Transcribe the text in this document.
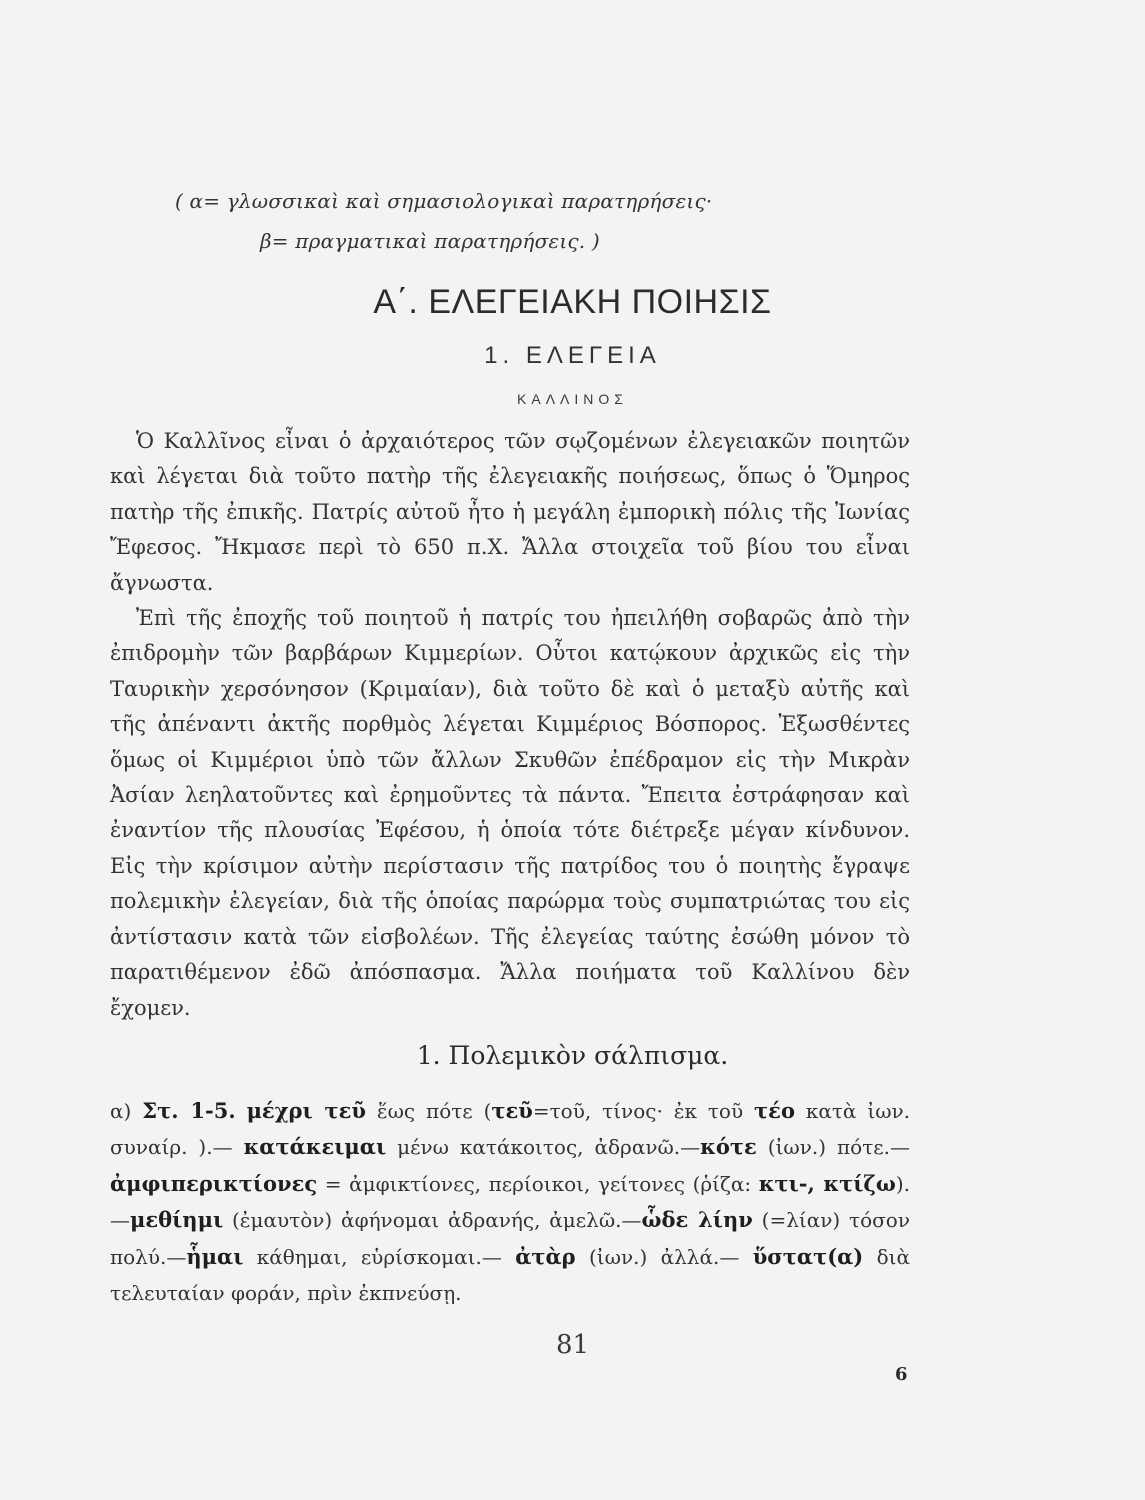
( α= γλωσσικαὶ καὶ σημασιολογικαὶ παρατηρήσεις·
β= πραγματικαὶ παρατηρήσεις. )
Α΄. ΕΛΕΓΕΙΑΚΗ ΠΟΙΗΣΙΣ
1. ΕΛΕΓΕΙΑ
ΚΑΛΛΙΝΟΣ

Ὁ Καλλῖνος εἶναι ὁ ἀρχαιότερος τῶν σῳζομένων ἐλεγειακῶν ποιητῶν καὶ λέγεται διὰ τοῦτο πατὴρ τῆς ἐλεγειακῆς ποιήσεως, ὅπως ὁ Ὅμηρος πατὴρ τῆς ἐπικῆς. Πατρίς αὐτοῦ ἦτο ἡ μεγάλη ἐμπορικὴ πόλις τῆς Ἰωνίας Ἔφεσος. Ἤκμασε περὶ τὸ 650 π.Χ. Ἄλλα στοιχεῖα τοῦ βίου του εἶναι ἄγνωστα.

Ἐπὶ τῆς ἐποχῆς τοῦ ποιητοῦ ἡ πατρίς του ἠπειλήθη σοβαρῶς ἀπὸ τὴν ἐπιδρομὴν τῶν βαρβάρων Κιμμερίων. Οὗτοι κατῴκουν ἀρχικῶς εἰς τὴν Ταυρικὴν χερσόνησον (Κριμαίαν), διὰ τοῦτο δὲ καὶ ὁ μεταξὺ αὐτῆς καὶ τῆς ἀπέναντι ἀκτῆς πορθμὸς λέγεται Κιμμέριος Βόσπορος. Ἐξωσθέντες ὅμως οἱ Κιμμέριοι ὑπὸ τῶν ἄλλων Σκυθῶν ἐπέδραμον εἰς τὴν Μικρὰν Ἀσίαν λεηλατοῦντες καὶ ἐρημοῦντες τὰ πάντα. Ἔπειτα ἐστράφησαν καὶ ἐναντίον τῆς πλουσίας Ἐφέσου, ἡ ὁποία τότε διέτρεξε μέγαν κίνδυνον. Εἰς τὴν κρίσιμον αὐτὴν περίστασιν τῆς πατρίδος του ὁ ποιητὴς ἔγραψε πολεμικὴν ἐλεγείαν, διὰ τῆς ὁποίας παρώρμα τοὺς συμπατριώτας του εἰς ἀντίστασιν κατὰ τῶν εἰσβολέων. Τῆς ἐλεγείας ταύτης ἐσώθη μόνον τὸ παρατιθέμενον ἐδῶ ἀπόσπασμα. Ἄλλα ποιήματα τοῦ Καλλίνου δὲν ἔχομεν.

1. Πολεμικὸν σάλπισμα.

α) Στ. 1-5. μέχρι τεῦ ἕως πότε (τεῦ=τοῦ, τίνος· ἐκ τοῦ τέο κατὰ ἰων. συναίρ. ).— κατάκειμαι μένω κατάκοιτος, ἀδρανῶ.—κότε (ἰων.) πότε.—ἀμφιπερικτίονες = ἀμφικτίονες, περίοικοι, γείτονες (ῥίζα: κτι-, κτίζω).—μεθίημι (ἐμαυτὸν) ἀφήνομαι ἀδρανής, ἀμελῶ.—ὧδε λίην (=λίαν) τόσον πολύ.—ἧμαι κάθημαι, εὑρίσκομαι.— ἀτὰρ (ἰων.) ἀλλά.— ὕστατ(α) διὰ τελευταίαν φοράν, πρὶν ἐκπνεύσῃ.

81
6
